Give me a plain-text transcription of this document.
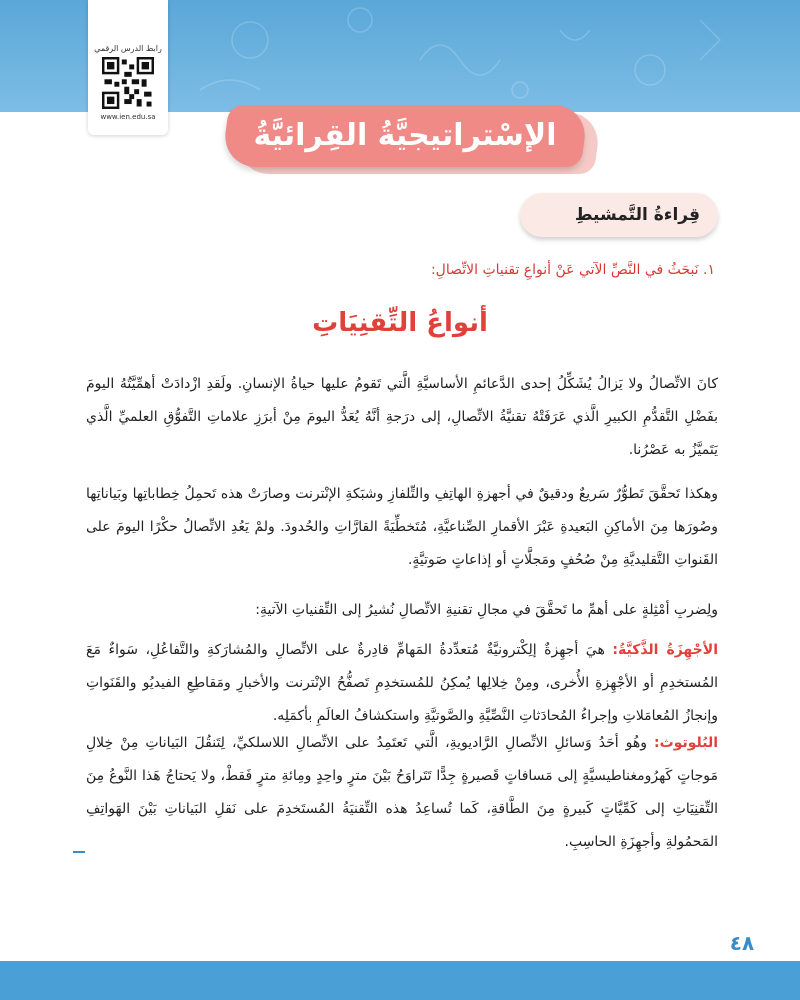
رابط الدرس الرقمي
www.ien.edu.sa
الإسْتراتيجيَّةُ القِرائيَّةُ
قِراءةُ التَّمشيطِ
١. نَبحَثُ في النَّصِّ الآتي عَنْ أنواعِ تقنياتِ الاتِّصالِ:
أنواعُ التِّقنِيَاتِ
كانَ الاتِّصالُ ولا يَزالُ يُشَكِّلُ إحدى الدَّعائمِ الأساسيَّةِ الَّتي تَقومُ عليها حياةُ الإنسانِ. ولَقدِ ازْدادَتْ أهمِّيَّتُهُ اليومَ بفَضْلِ التَّقدُّمِ الكبيرِ الَّذي عَرَفَتْهُ تقنيَّةُ الاتِّصالِ، إلى درَجةِ أنَّهُ يُعَدُّ اليومَ مِنْ أبرَزِ علاماتِ التَّفوُّقِ العلميِّ الَّذي يَتَميَّزُ به عَصْرُنا.
وهكذا تَحقَّقَ تَطوُّرٌ سَريعٌ ودقيقٌ في أجهزةِ الهاتِفِ والتِّلفازِ وشبَكةِ الإنْترنت وصارَتْ هذه تَحمِلُ خِطاباتِها وبَياناتِها وصُورَها مِنَ الأماكِنِ البَعيدةِ عَبْرَ الأقمارِ الصِّناعيَّةِ، مُتَخطِّيَةً القارَّاتِ والحُدودَ. ولمْ يَعُدِ الاتِّصالُ حكْرًا اليومَ على القَنواتِ التَّقليديَّةِ مِنْ صُحُفٍ ومَجلَّاتٍ أو إذاعاتٍ صَوتيَّةٍ.
ولِضربِ أمْثِلةٍ على أهمِّ ما تَحقَّقَ في مجالِ تقنيةِ الاتِّصالِ نُشيرُ إلى التِّقنياتِ الآتيةِ:
الأجْهِزَةُ الذَّكيَّةُ: هيَ أجهِزةٌ إلِكْترونيَّةٌ مُتعدِّدةُ المَهامِّ قادِرةٌ على الاتِّصالِ والمُشارَكةِ والتَّفاعُلِ، سَواءٌ مَعَ المُستخدِمِ أو الأجْهِزةِ الأُخرى، ومِنْ خِلالِها يُمكِنُ للمُستخدِمِ تَصفُّحُ الإنْترنت والأخبارِ ومَقاطِعِ الفيديُو والقَنَواتِ وإنجازُ المُعامَلاتِ وإجراءُ المُحادَثاتِ النَّصِّيَّةِ والصَّوتيَّةِ واستكشافُ العالَمِ بأكمَلِه.
البُلوتوث: وهُو أحَدُ وَسائلِ الاتِّصالِ الرَّاديويةِ، الَّتي تَعتَمِدُ على الاتِّصالِ اللاسلكيِّ، لِتَنقُلَ البَياناتِ مِنْ خِلالِ مَوجاتٍ كَهرُومغناطيسيَّةٍ إلى مَسافاتٍ قَصيرةٍ جِدًّا تَتَراوَحُ بَيْنَ مترٍ واحِدٍ ومِائةِ مترٍ فَقطْ، ولا يَحتاجُ هَذا النَّوعُ مِنَ التِّقنِيَاتِ إلى كَمِّيَّاتٍ كَبيرةٍ مِنَ الطَّاقةِ، كَما تُساعِدُ هذه التِّقنيَةُ المُستَخدِمَ على نَقلِ البَياناتِ بَيْنَ الهَواتِفِ المَحمُولةِ وأجهِزَةِ الحاسِبِ.
٤٨
